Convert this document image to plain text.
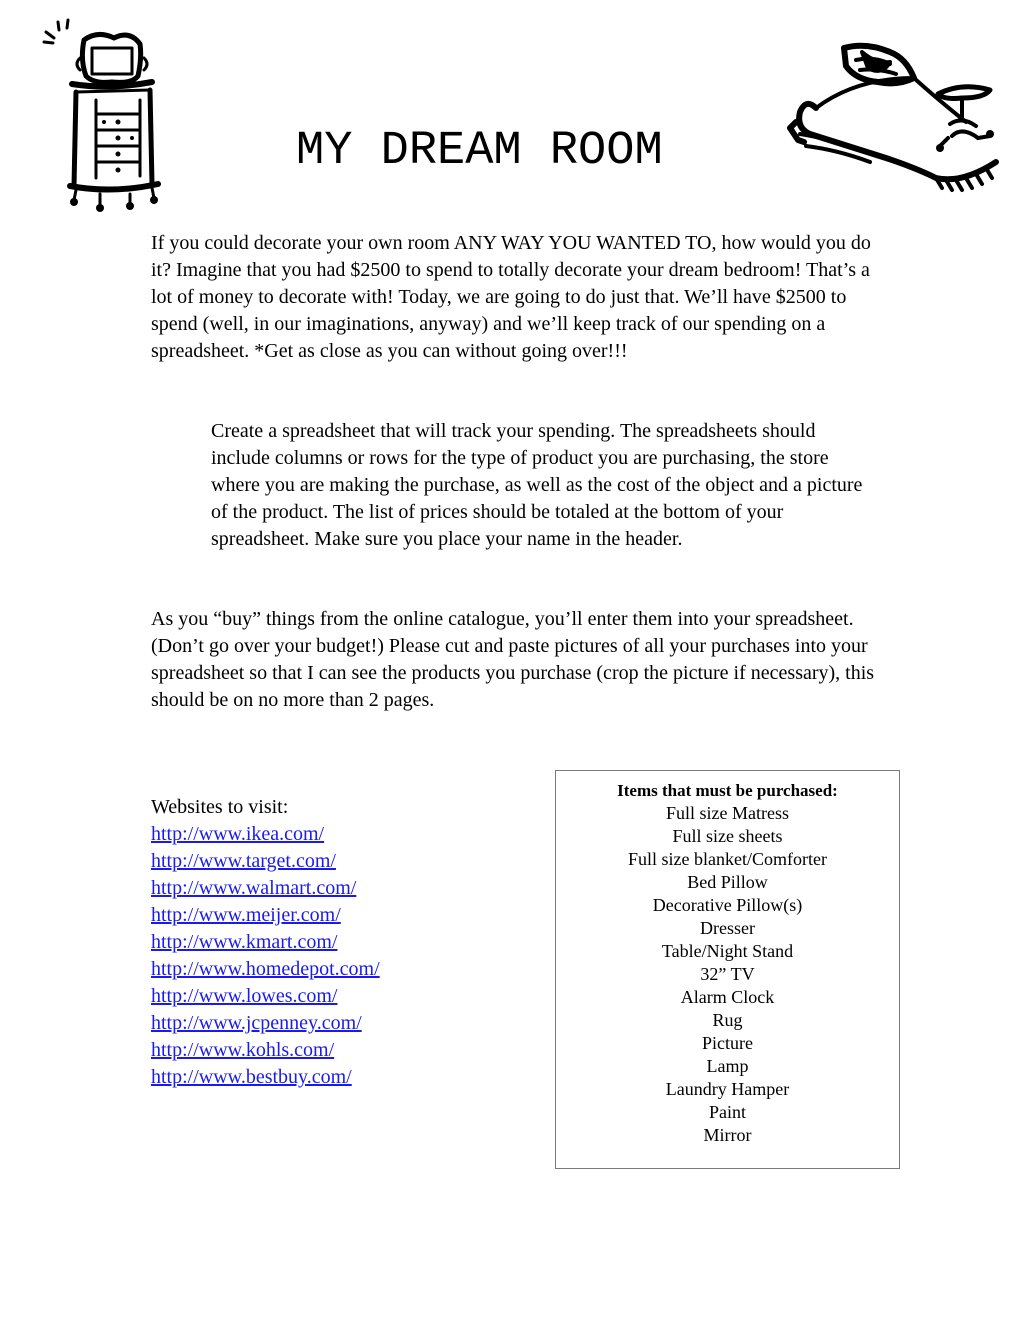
MY DREAM ROOM

If you could decorate your own room ANY WAY YOU WANTED TO, how would you do it? Imagine that you had $2500 to spend to totally decorate your dream bedroom! That’s a lot of money to decorate with! Today, we are going to do just that. We’ll have $2500 to spend (well, in our imaginations, anyway) and we’ll keep track of our spending on a spreadsheet. *Get as close as you can without going over!!!

Create a spreadsheet that will track your spending. The spreadsheets should include columns or rows for the type of product you are purchasing, the store where you are making the purchase, as well as the cost of the object and a picture of the product. The list of prices should be totaled at the bottom of your spreadsheet. Make sure you place your name in the header.

As you “buy” things from the online catalogue, you’ll enter them into your spreadsheet. (Don’t go over your budget!) Please cut and paste pictures of all your purchases into your spreadsheet so that I can see the products you purchase (crop the picture if necessary), this should be on no more than 2 pages.

Websites to visit:

http://www.ikea.com/
http://www.target.com/
http://www.walmart.com/
http://www.meijer.com/
http://www.kmart.com/
http://www.homedepot.com/
http://www.lowes.com/
http://www.jcpenney.com/
http://www.kohls.com/
http://www.bestbuy.com/

Items that must be purchased:

Full size Matress
Full size sheets
Full size blanket/Comforter
Bed Pillow
Decorative Pillow(s)
Dresser
Table/Night Stand
32” TV
Alarm Clock
Rug
Picture
Lamp
Laundry Hamper
Paint
Mirror
